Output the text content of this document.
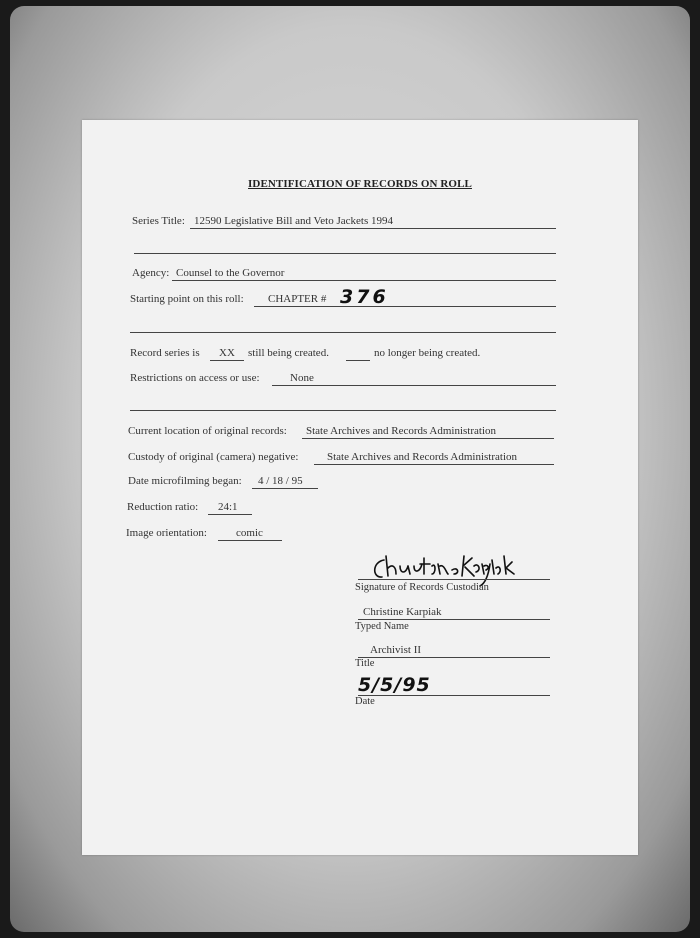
IDENTIFICATION OF RECORDS ON ROLL
Series Title: 12590 Legislative Bill and Veto Jackets 1994
Agency: Counsel to the Governor
Starting point on this roll: CHAPTER # 376
Record series is XX still being created.	no longer being created.
Restrictions on access or use:	None
Current location of original records: State Archives and Records Administration
Custody of original (camera) negative:	State Archives and Records Administration
Date microfilming began: 4 / 18 / 95
Reduction ratio: 24:1
Image orientation:	comic
Signature of Records Custodian
Christine Karpiak
Typed Name
Archivist II
Title
5/5/95
Date
